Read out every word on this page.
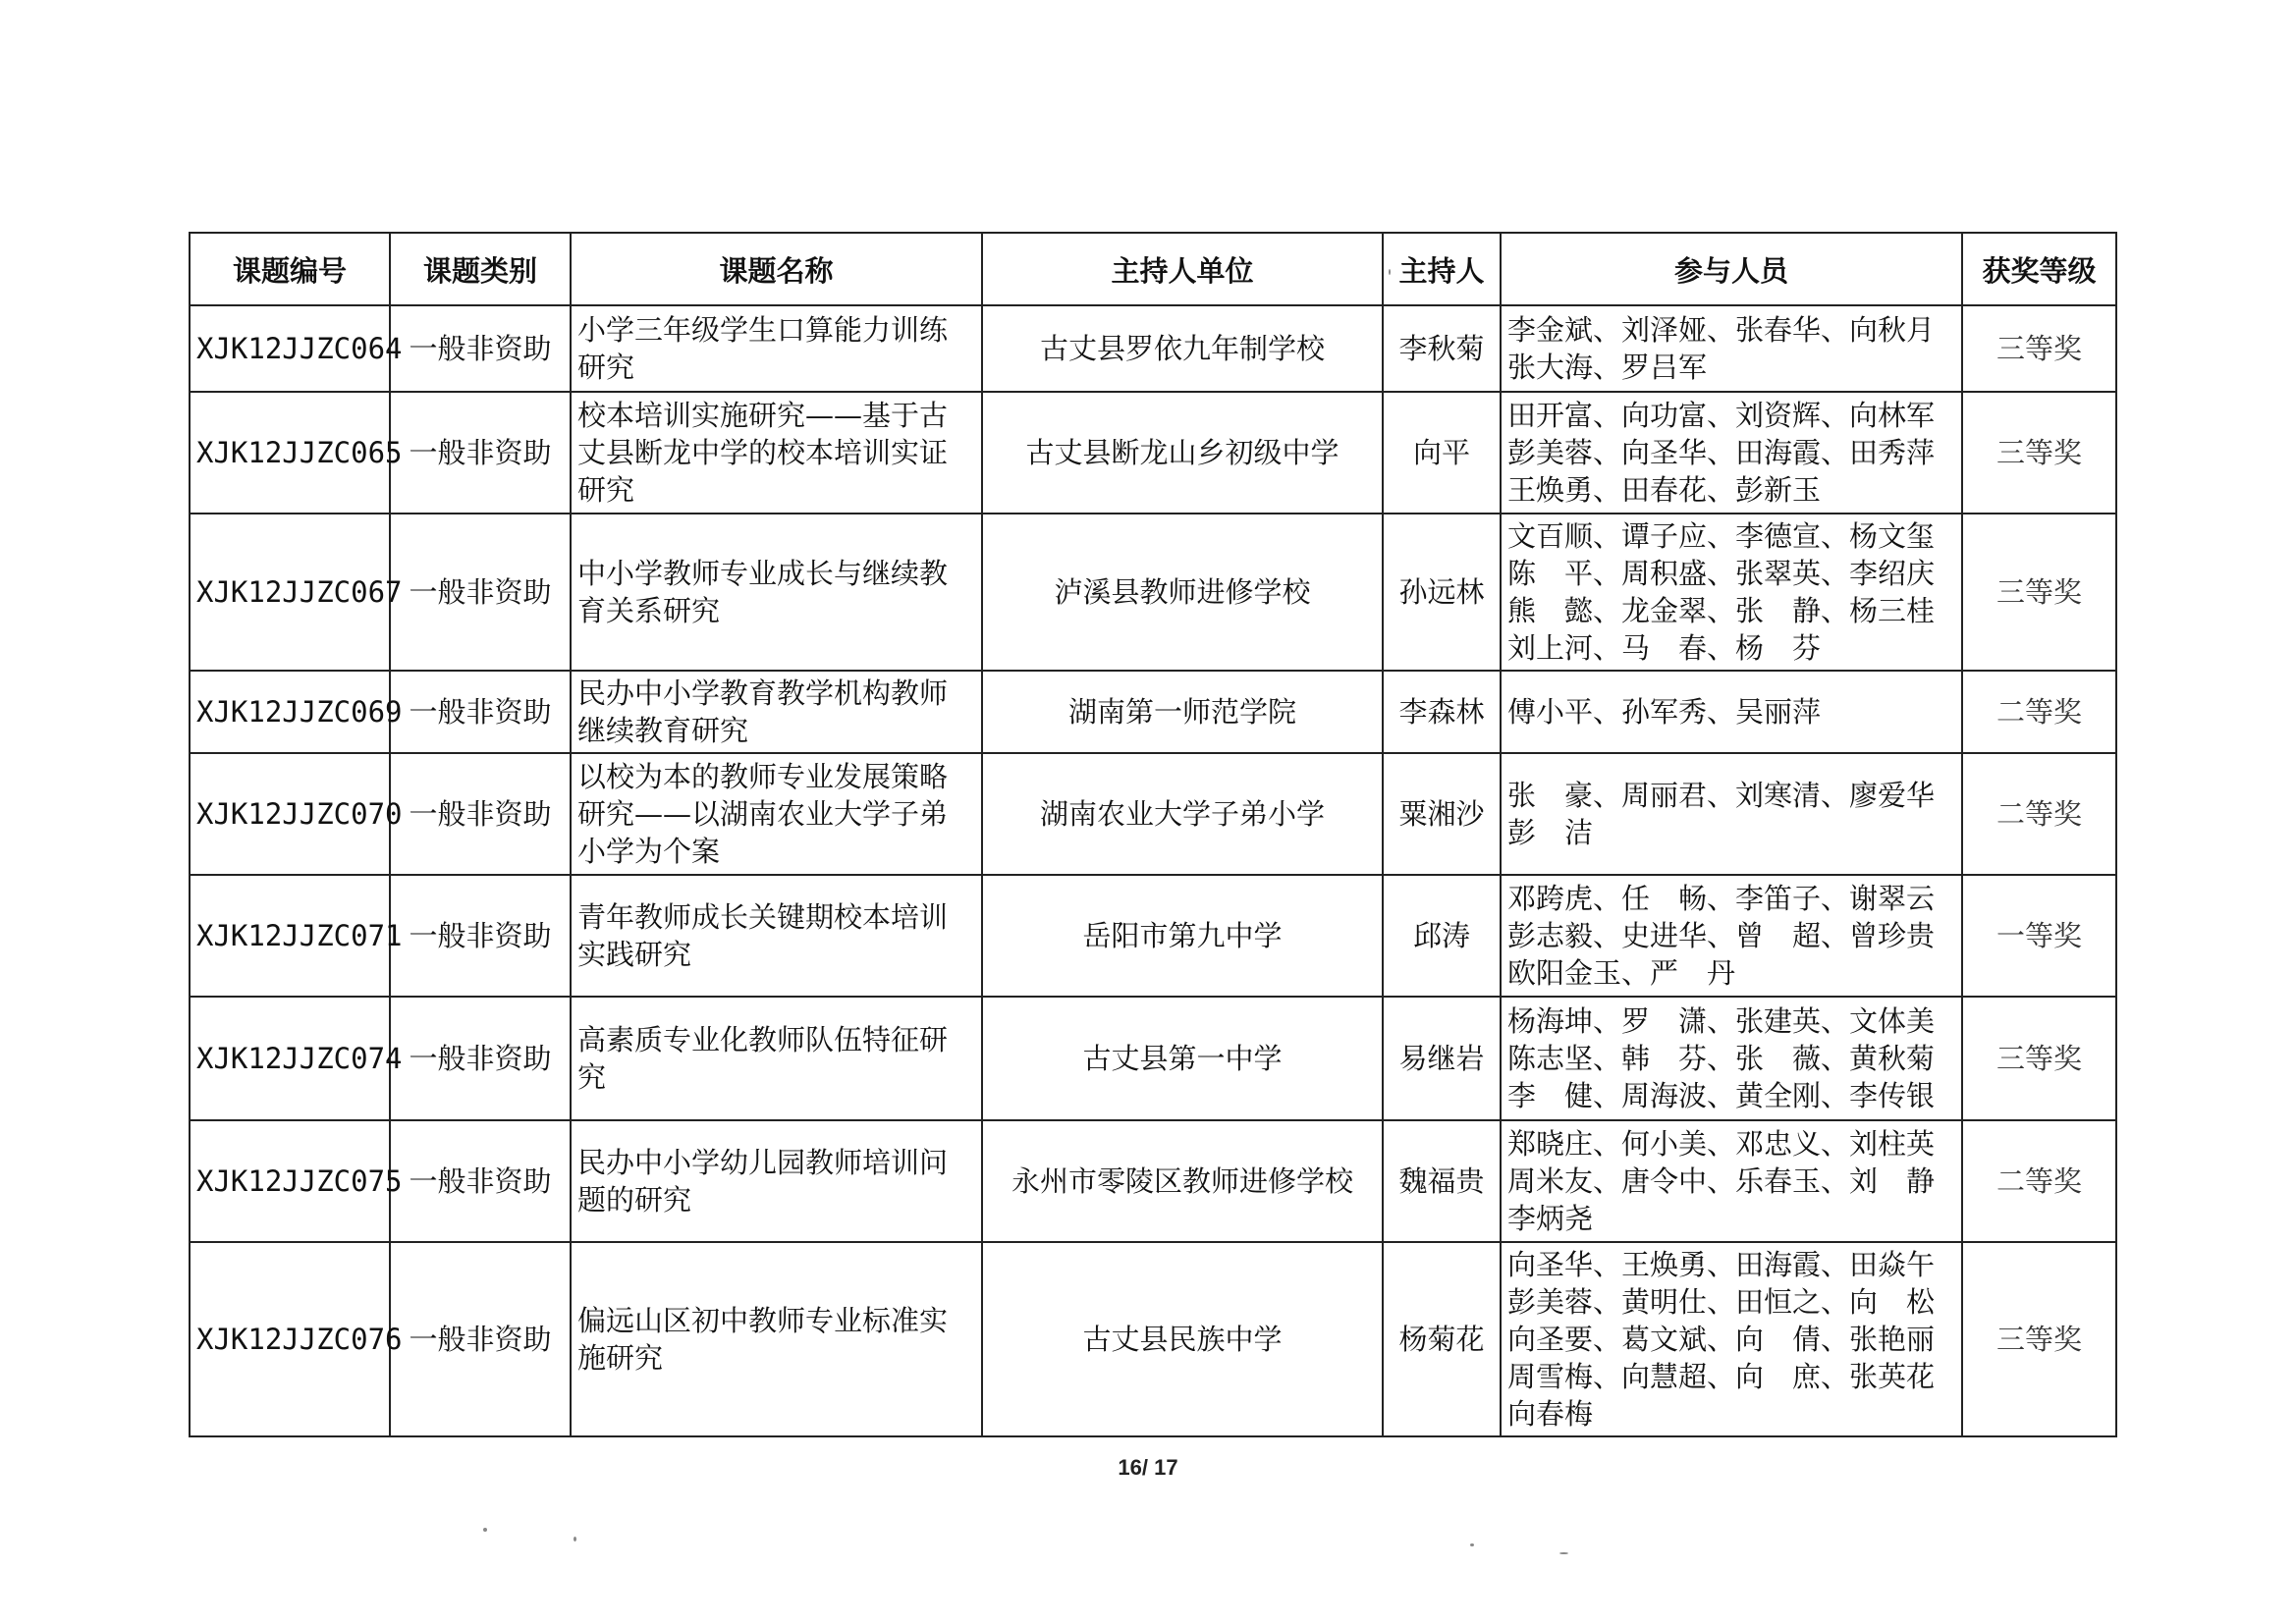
课题编号	课题类别	课题名称	主持人单位	主持人	参与人员	获奖等级
XJK12JJZC064	一般非资助	小学三年级学生口算能力训练研究	古丈县罗依九年制学校	李秋菊	李金斌、刘泽娅、张春华、向秋月张大海、罗吕军	三等奖
XJK12JJZC065	一般非资助	校本培训实施研究——基于古丈县断龙中学的校本培训实证研究	古丈县断龙山乡初级中学	向平	田开富、向功富、刘资辉、向林军彭美蓉、向圣华、田海霞、田秀萍王焕勇、田春花、彭新玉	三等奖
XJK12JJZC067	一般非资助	中小学教师专业成长与继续教育关系研究	泸溪县教师进修学校	孙远林	文百顺、谭子应、李德宣、杨文玺陈　平、周积盛、张翠英、李绍庆熊　懿、龙金翠、张　静、杨三桂刘上河、马　春、杨　芬	三等奖
XJK12JJZC069	一般非资助	民办中小学教育教学机构教师继续教育研究	湖南第一师范学院	李森林	傅小平、孙军秀、吴丽萍	二等奖
XJK12JJZC070	一般非资助	以校为本的教师专业发展策略研究——以湖南农业大学子弟小学为个案	湖南农业大学子弟小学	粟湘沙	张　豪、周丽君、刘寒清、廖爱华彭　洁	二等奖
XJK12JJZC071	一般非资助	青年教师成长关键期校本培训实践研究	岳阳市第九中学	邱涛	邓跨虎、任　畅、李笛子、谢翠云彭志毅、史进华、曾　超、曾珍贵欧阳金玉、严　丹	一等奖
XJK12JJZC074	一般非资助	高素质专业化教师队伍特征研究	古丈县第一中学	易继岩	杨海坤、罗　潇、张建英、文体美陈志坚、韩　芬、张　薇、黄秋菊李　健、周海波、黄全刚、李传银	三等奖
XJK12JJZC075	一般非资助	民办中小学幼儿园教师培训问题的研究	永州市零陵区教师进修学校	魏福贵	郑晓庄、何小美、邓忠义、刘柱英周米友、唐令中、乐春玉、刘　静李炳尧	二等奖
XJK12JJZC076	一般非资助	偏远山区初中教师专业标准实施研究	古丈县民族中学	杨菊花	向圣华、王焕勇、田海霞、田焱午彭美蓉、黄明仕、田恒之、向　松向圣要、葛文斌、向　倩、张艳丽周雪梅、向慧超、向　庶、张英花向春梅	三等奖
16/ 17
